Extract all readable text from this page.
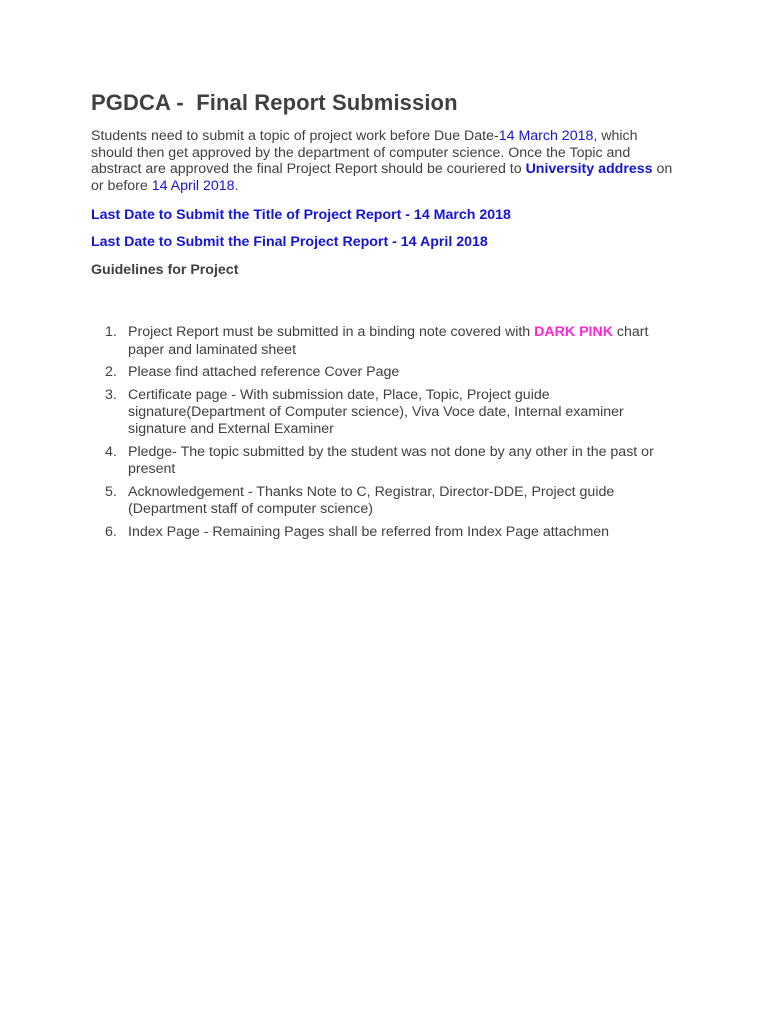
PGDCA -  Final Report Submission

Students need to submit a topic of project work before Due Date-14 March 2018, which should then get approved by the department of computer science. Once the Topic and abstract are approved the final Project Report should be couriered to University address on or before 14 April 2018.

Last Date to Submit the Title of Project Report - 14 March 2018

Last Date to Submit the Final Project Report - 14 April 2018

Guidelines for Project

1. Project Report must be submitted in a binding note covered with DARK PINK chart paper and laminated sheet
2. Please find attached reference Cover Page
3. Certificate page - With submission date, Place, Topic, Project guide signature(Department of Computer science), Viva Voce date, Internal examiner signature and External Examiner
4. Pledge- The topic submitted by the student was not done by any other in the past or present
5. Acknowledgement - Thanks Note to C, Registrar, Director-DDE, Project guide (Department staff of computer science)
6. Index Page - Remaining Pages shall be referred from Index Page attachmen
